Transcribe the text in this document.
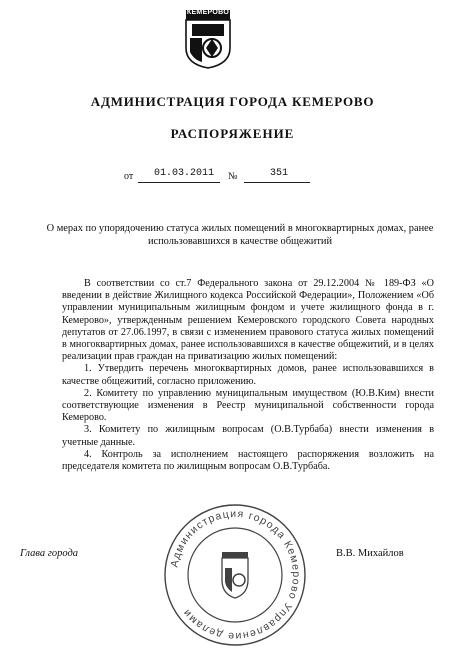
КЕМЕРОВО
АДМИНИСТРАЦИЯ ГОРОДА КЕМЕРОВО
РАСПОРЯЖЕНИЕ
от 01.03.2011 №	351
О мерах по упорядочению статуса жилых помещений в многоквартирных домах, ранее использовавшихся в качестве общежитий

В соответствии со ст.7 Федерального закона от 29.12.2004 № 189-ФЗ «О введении в действие Жилищного кодекса Российской Федерации», Положением «Об управлении муниципальным жилищным фондом и учете жилищного фонда в г. Кемерово», утвержденным решением Кемеровского городского Совета народных депутатов от 27.06.1997, в связи с изменением правового статуса жилых помещений в многоквартирных домах, ранее использовавшихся в качестве общежитий, и в целях реализации прав граждан на приватизацию жилых помещений:

1. Утвердить перечень многоквартирных домов, ранее использовавшихся в качестве общежитий, согласно приложению.

2. Комитету по управлению муниципальным имуществом (Ю.В.Ким) внести соответствующие изменения в Реестр муниципальной собственности города Кемерово.

3. Комитету по жилищным вопросам (О.В.Турбаба) внести изменения в учетные данные.

4. Контроль за исполнением настоящего распоряжения возложить на председателя комитета по жилищным вопросам О.В.Турбаба.

Глава города	В.В. Михайлов
Администрация города Кемерово Управление делами
